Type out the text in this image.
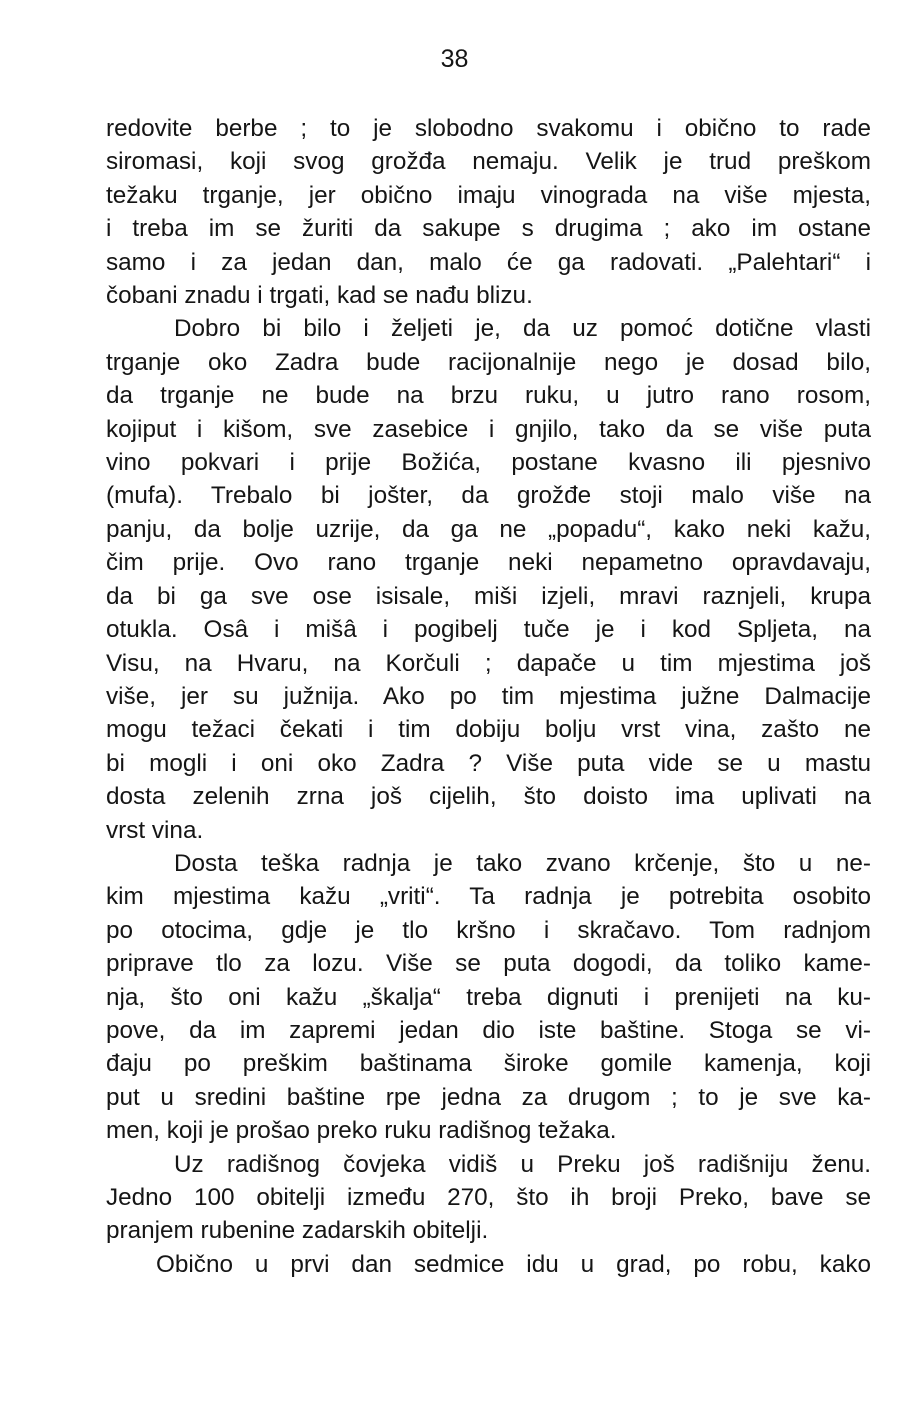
38
redovite berbe ; to je slobodno svakomu i obično to rade
siromasi, koji svog grožđa nemaju. Velik je trud preškom
težaku trganje, jer obično imaju vinograda na više mjesta,
i treba im se žuriti da sakupe s drugima ; ako im ostane
samo i za jedan dan, malo će ga radovati. „Palehtari“ i
čobani znadu i trgati, kad se nađu blizu.
Dobro bi bilo i željeti je, da uz pomoć dotične vlasti
trganje oko Zadra bude racijonalnije nego je dosad bilo,
da trganje ne bude na brzu ruku, u jutro rano rosom,
kojiput i kišom, sve zasebice i gnjilo, tako da se više puta
vino pokvari i prije Božića, postane kvasno ili pjesnivo
(mufa). Trebalo bi jošter, da grožđe stoji malo više na
panju, da bolje uzrije, da ga ne „popadu“, kako neki kažu,
čim prije. Ovo rano trganje neki nepametno opravdavaju,
da bi ga sve ose isisale, miši izjeli, mravi raznjeli, krupa
otukla. Osâ i mišâ i pogibelj tuče je i kod Spljeta, na
Visu, na Hvaru, na Korčuli ; dapače u tim mjestima još
više, jer su južnija. Ako po tim mjestima južne Dalmacije
mogu težaci čekati i tim dobiju bolju vrst vina, zašto ne
bi mogli i oni oko Zadra ? Više puta vide se u mastu
dosta zelenih zrna još cijelih, što doisto ima uplivati na
vrst vina.
Dosta teška radnja je tako zvano krčenje, što u ne-
kim mjestima kažu „vriti“. Ta radnja je potrebita osobito
po otocima, gdje je tlo kršno i skračavo. Tom radnjom
priprave tlo za lozu. Više se puta dogodi, da toliko kame-
nja, što oni kažu „škalja“ treba dignuti i prenijeti na ku-
pove, da im zapremi jedan dio iste baštine. Stoga se vi-
đaju po preškim baštinama široke gomile kamenja, koji
put u sredini baštine rpe jedna za drugom ; to je sve ka-
men, koji je prošao preko ruku radišnog težaka.
Uz radišnog čovjeka vidiš u Preku još radišniju ženu.
Jedno 100 obitelji između 270, što ih broji Preko, bave se
pranjem rubenine zadarskih obitelji.
Obično u prvi dan sedmice idu u grad, po robu, kako
